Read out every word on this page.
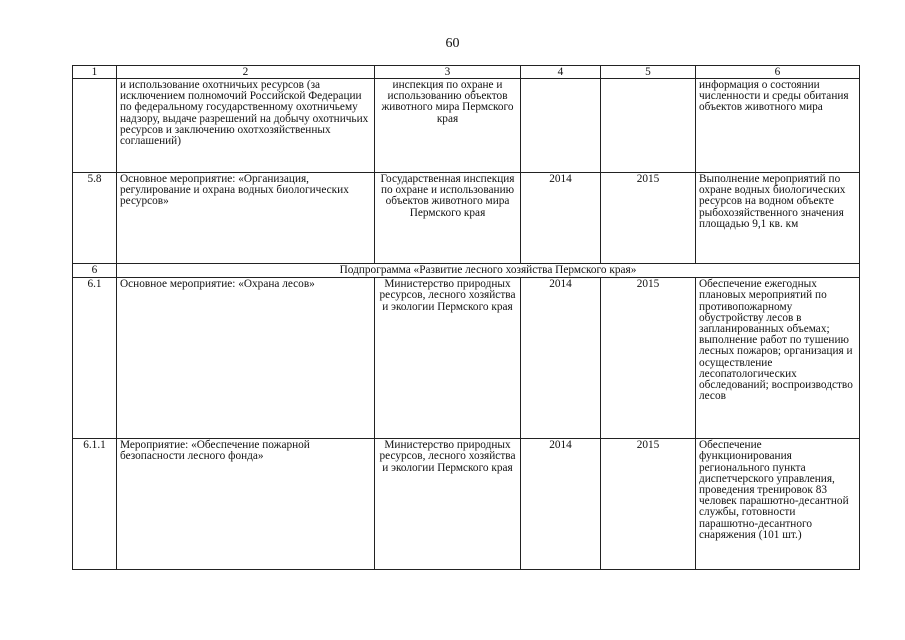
60
1	2	3	4	5	6
	и использование охотничьих ресурсов (за исключением полномочий Российской Федерации по федеральному государственному охотничьему надзору, выдаче разрешений на добычу охотничьих ресурсов и заключению охотхозяйственных соглашений)	инспекция по охране и использованию объектов животного мира Пермского края			информация о состоянии численности и среды обитания объектов животного мира
5.8	Основное мероприятие: «Организация, регулирование и охрана водных биологических ресурсов»	Государственная инспекция по охране и использованию объектов животного мира Пермского края	2014	2015	Выполнение мероприятий по охране водных биологических ресурсов на водном объекте рыбохозяйственного значения площадью 9,1 кв. км
6	Подпрограмма «Развитие лесного хозяйства Пермского края»				
6.1	Основное мероприятие: «Охрана лесов»	Министерство природных ресурсов, лесного хозяйства и экологии Пермского края	2014	2015	Обеспечение ежегодных плановых мероприятий по противопожарному обустройству лесов в запланированных объемах; выполнение работ по тушению лесных пожаров; организация и осуществление лесопатологических обследований; воспроизводство лесов
6.1.1	Мероприятие: «Обеспечение пожарной безопасности лесного фонда»	Министерство природных ресурсов, лесного хозяйства и экологии Пермского края	2014	2015	Обеспечение функционирования регионального пункта диспетчерского управления, проведения тренировок 83 человек парашютно-десантной службы, готовности парашютно-десантного снаряжения (101 шт.)
